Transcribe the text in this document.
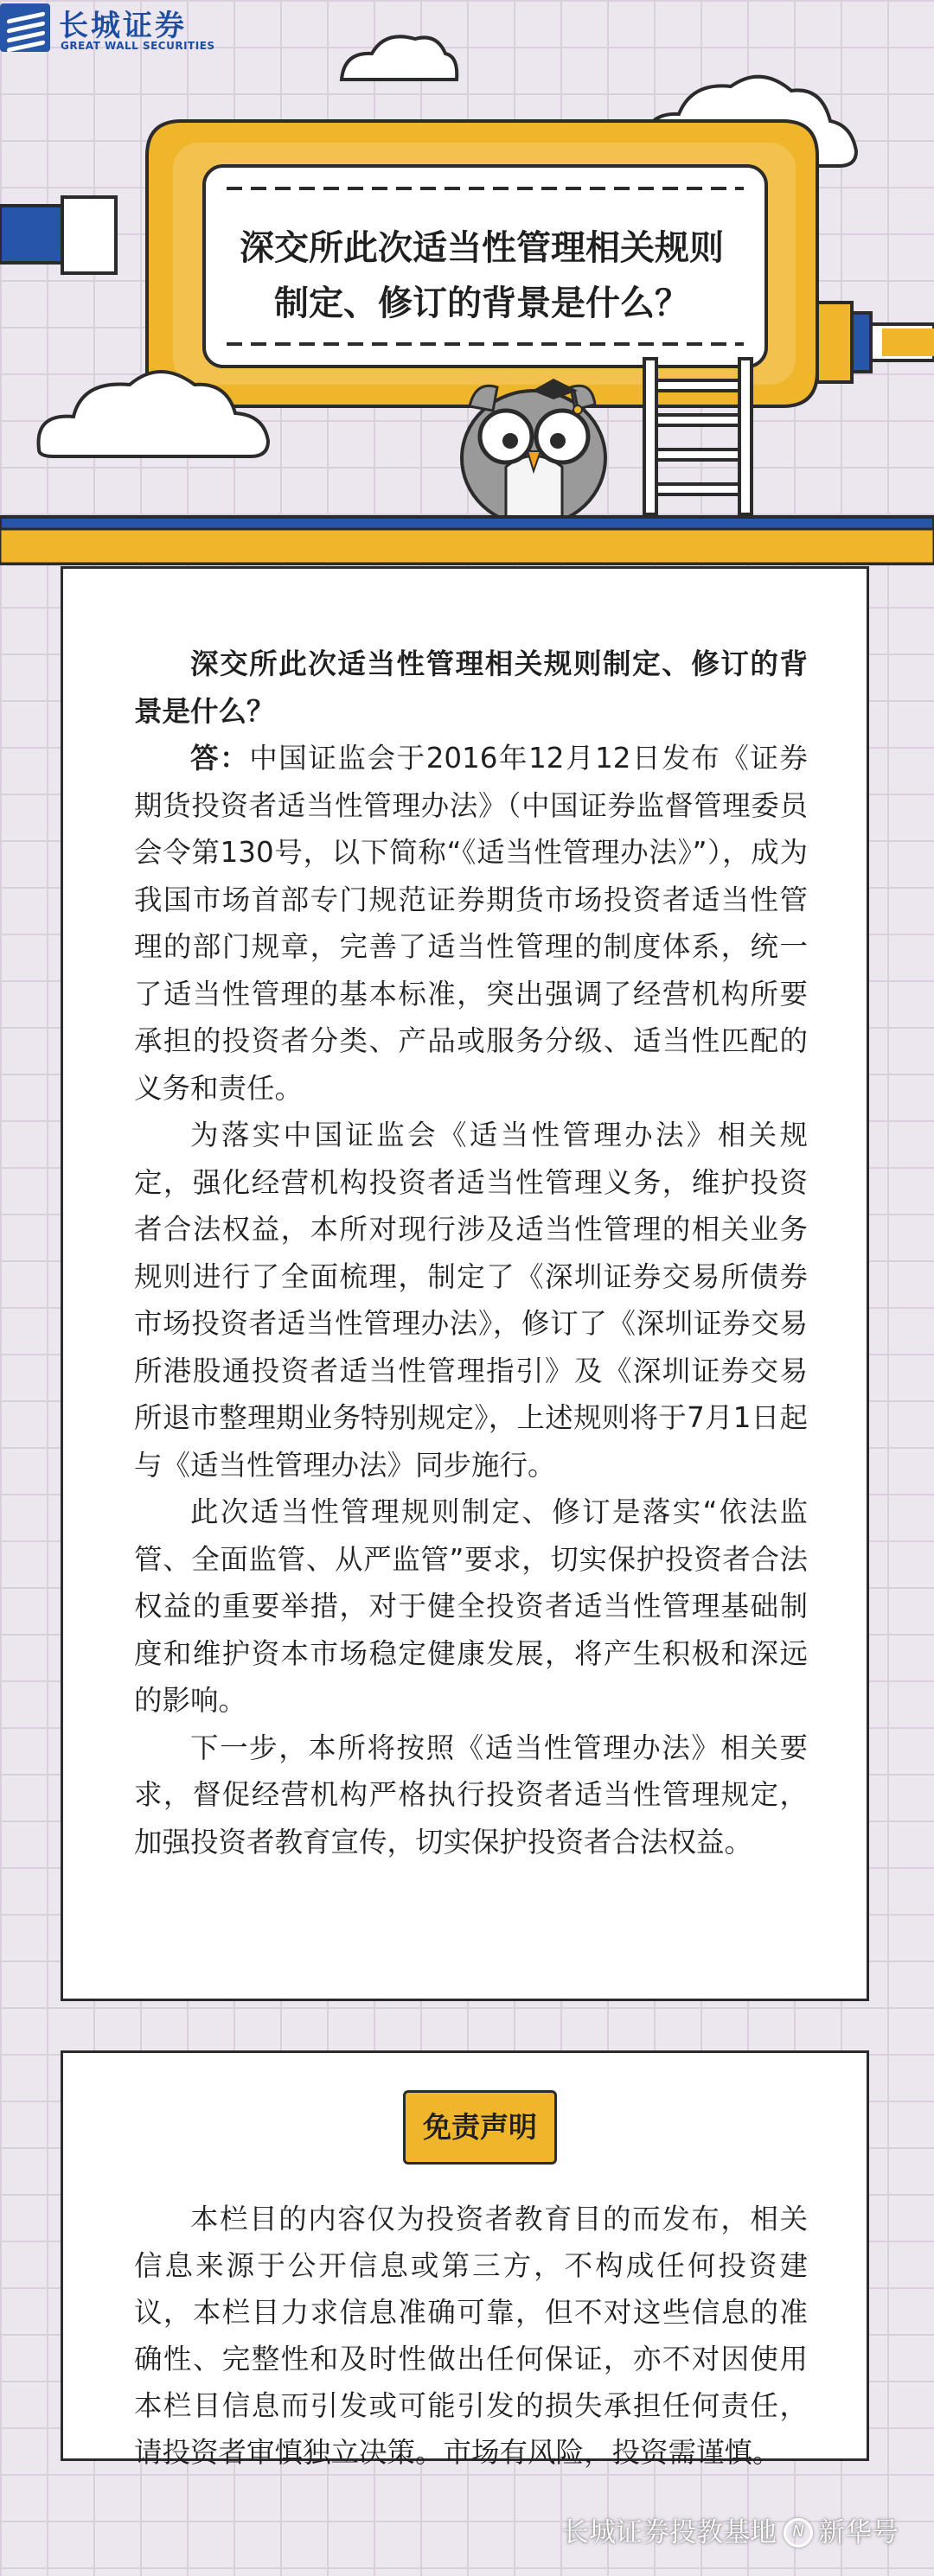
长城证券
GREAT WALL SECURITIES
深交所此次适当性管理相关规则
制定、修订的背景是什么？

深交所此次适当性管理相关规则制定、修订的背景是什么？

答：中国证监会于2016年12月12日发布《证券期货投资者适当性管理办法》（中国证券监督管理委员会令第130号，以下简称“《适当性管理办法》”），成为我国市场首部专门规范证券期货市场投资者适当性管理的部门规章，完善了适当性管理的制度体系，统一了适当性管理的基本标准，突出强调了经营机构所要承担的投资者分类、产品或服务分级、适当性匹配的义务和责任。

为落实中国证监会《适当性管理办法》相关规定，强化经营机构投资者适当性管理义务，维护投资者合法权益，本所对现行涉及适当性管理的相关业务规则进行了全面梳理，制定了《深圳证券交易所债券市场投资者适当性管理办法》，修订了《深圳证券交易所港股通投资者适当性管理指引》及《深圳证券交易所退市整理期业务特别规定》，上述规则将于7月1日起与《适当性管理办法》同步施行。

此次适当性管理规则制定、修订是落实“依法监管、全面监管、从严监管”要求，切实保护投资者合法权益的重要举措，对于健全投资者适当性管理基础制度和维护资本市场稳定健康发展，将产生积极和深远的影响。

下一步，本所将按照《适当性管理办法》相关要求，督促经营机构严格执行投资者适当性管理规定，加强投资者教育宣传，切实保护投资者合法权益。

免责声明

本栏目的内容仅为投资者教育目的而发布，相关信息来源于公开信息或第三方，不构成任何投资建议，本栏目力求信息准确可靠，但不对这些信息的准确性、完整性和及时性做出任何保证，亦不对因使用本栏目信息而引发或可能引发的损失承担任何责任，请投资者审慎独立决策。市场有风险，投资需谨慎。

长城证券投教基地 N 新华号
